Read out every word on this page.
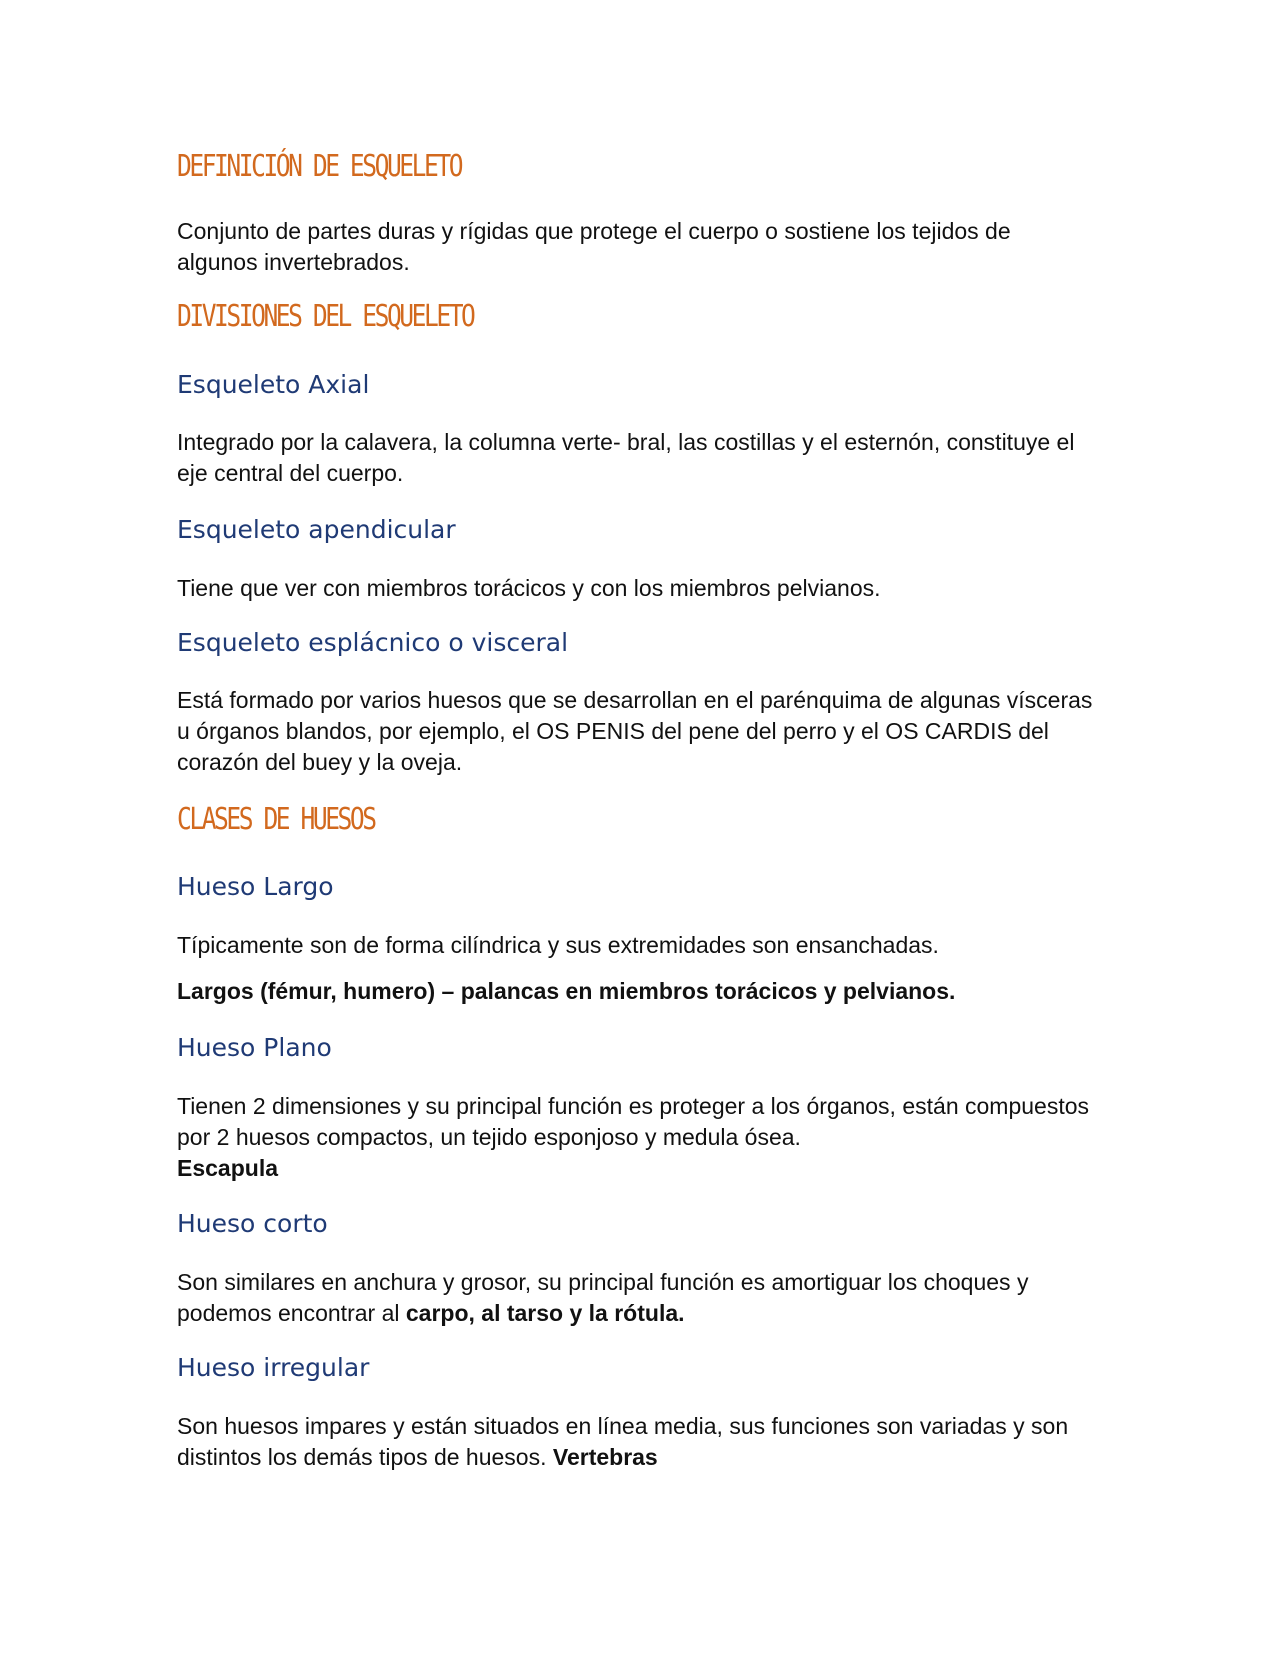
DEFINICIÓN DE ESQUELETO
Conjunto de partes duras y rígidas que protege el cuerpo o sostiene los tejidos de algunos invertebrados.
DIVISIONES DEL ESQUELETO
Esqueleto Axial
Integrado por la calavera, la columna verte- bral, las costillas y el esternón, constituye el eje central del cuerpo.
Esqueleto apendicular
Tiene que ver con miembros torácicos y con los miembros pelvianos.
Esqueleto esplácnico o visceral
Está formado por varios huesos que se desarrollan en el parénquima de algunas vísceras u órganos blandos, por ejemplo, el OS PENIS del pene del perro y el OS CARDIS del corazón del buey y la oveja.
CLASES DE HUESOS
Hueso Largo
Típicamente son de forma cilíndrica y sus extremidades son ensanchadas.
Largos (fémur, humero) – palancas en miembros torácicos y pelvianos.
Hueso Plano
Tienen 2 dimensiones y su principal función es proteger a los órganos, están compuestos por 2 huesos compactos, un tejido esponjoso y medula ósea.
Escapula
Hueso corto
Son similares en anchura y grosor, su principal función es amortiguar los choques y podemos encontrar al carpo, al tarso y la rótula.
Hueso irregular
Son huesos impares y están situados en línea media, sus funciones son variadas y son distintos los demás tipos de huesos. Vertebras
